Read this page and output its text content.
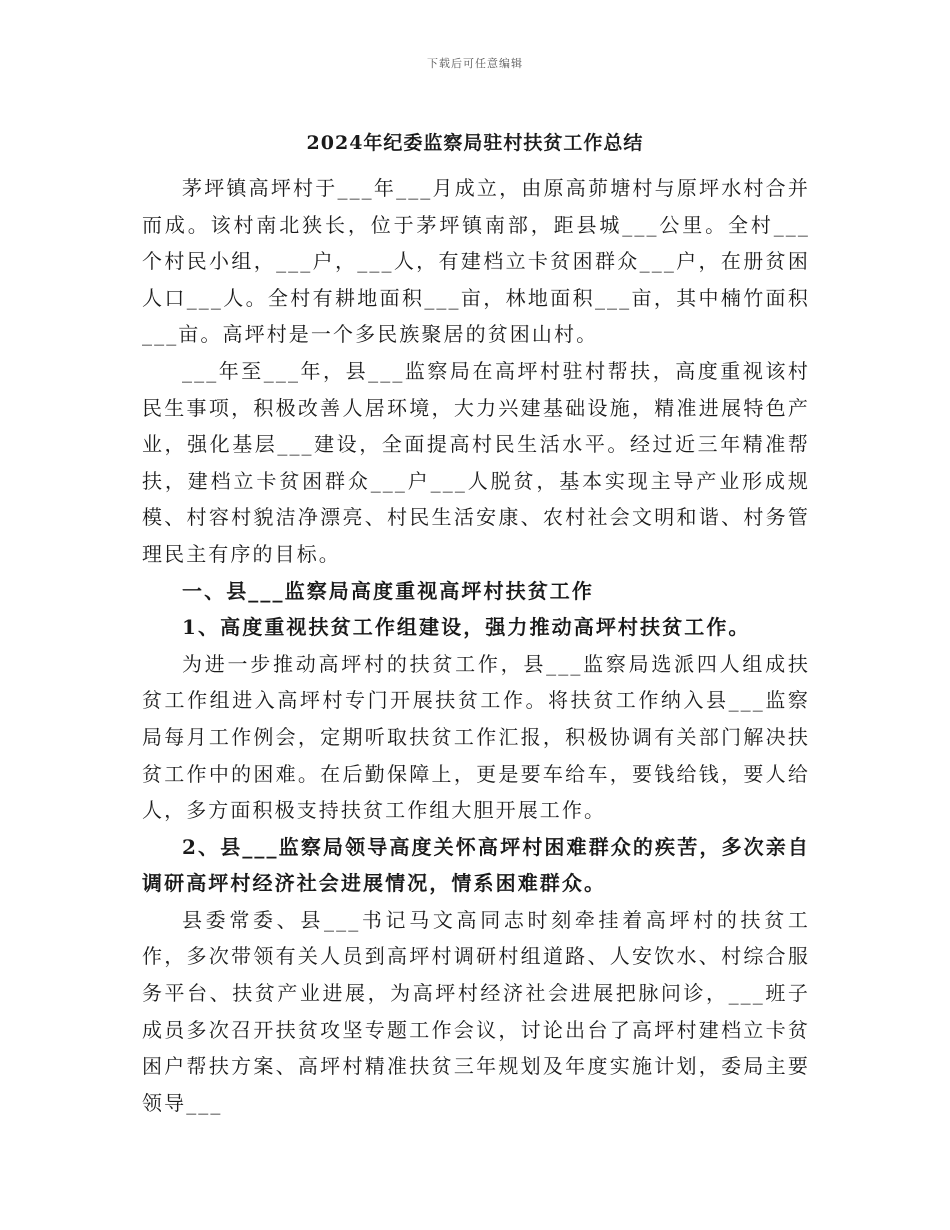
下载后可任意编辑
2024年纪委监察局驻村扶贫工作总结

茅坪镇高坪村于___年___月成立，由原高茆塘村与原坪水村合并而成。该村南北狭长，位于茅坪镇南部，距县城___公里。全村___个村民小组，___户，___人，有建档立卡贫困群众___户，在册贫困人口___人。全村有耕地面积___亩，林地面积___亩，其中楠竹面积___亩。高坪村是一个多民族聚居的贫困山村。

___年至___年，县___监察局在高坪村驻村帮扶，高度重视该村民生事项，积极改善人居环境，大力兴建基础设施，精准进展特色产业，强化基层___建设，全面提高村民生活水平。经过近三年精准帮扶，建档立卡贫困群众___户___人脱贫，基本实现主导产业形成规模、村容村貌洁净漂亮、村民生活安康、农村社会文明和谐、村务管理民主有序的目标。

一、县___监察局高度重视高坪村扶贫工作

1、高度重视扶贫工作组建设，强力推动高坪村扶贫工作。

为进一步推动高坪村的扶贫工作，县___监察局选派四人组成扶贫工作组进入高坪村专门开展扶贫工作。将扶贫工作纳入县___监察局每月工作例会，定期听取扶贫工作汇报，积极协调有关部门解决扶贫工作中的困难。在后勤保障上，更是要车给车，要钱给钱，要人给人，多方面积极支持扶贫工作组大胆开展工作。

2、县___监察局领导高度关怀高坪村困难群众的疾苦，多次亲自调研高坪村经济社会进展情况，情系困难群众。

县委常委、县___书记马文高同志时刻牵挂着高坪村的扶贫工作，多次带领有关人员到高坪村调研村组道路、人安饮水、村综合服务平台、扶贫产业进展，为高坪村经济社会进展把脉问诊，___班子成员多次召开扶贫攻坚专题工作会议，讨论出台了高坪村建档立卡贫困户帮扶方案、高坪村精准扶贫三年规划及年度实施计划，委局主要领导___
